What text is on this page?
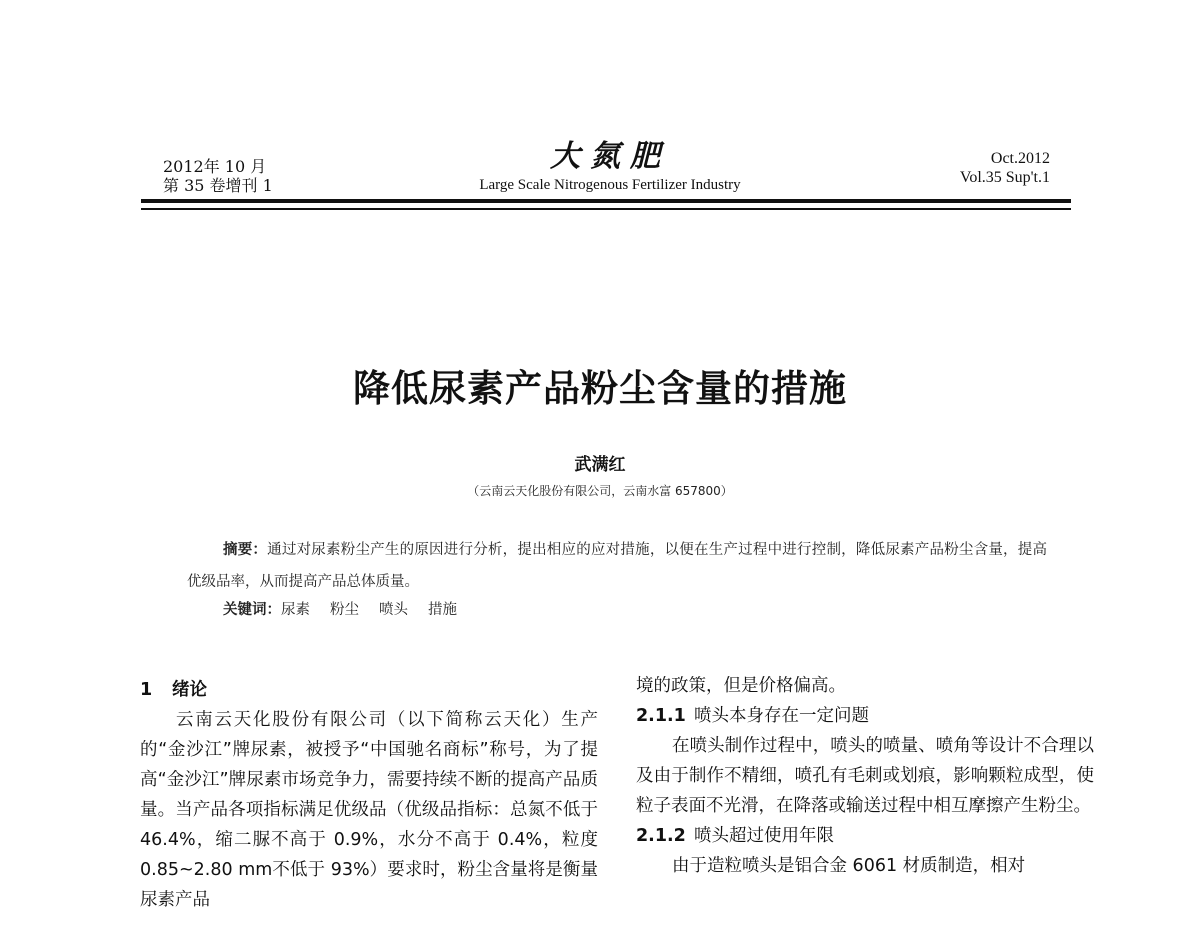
2012年 10 月
第 35 卷增刊 1
大氮肥
Large Scale Nitrogenous Fertilizer Industry
Oct.2012
Vol.35 Sup't.1
降低尿素产品粉尘含量的措施
武满红
（云南云天化股份有限公司，云南水富 657800）
摘要：通过对尿素粉尘产生的原因进行分析，提出相应的应对措施，以便在生产过程中进行控制，降低尿素产品粉尘含量，提高优级品率，从而提高产品总体质量。
关键词：尿素 粉尘 喷头 措施
1 绪论
云南云天化股份有限公司（以下简称云天化）生产的“金沙江”牌尿素，被授予“中国驰名商标”称号，为了提高“金沙江”牌尿素市场竞争力，需要持续不断的提高产品质量。当产品各项指标满足优级品（优级品指标：总氮不低于 46.4%，缩二脲不高于 0.9%，水分不高于 0.4%，粒度0.85~2.80 mm不低于 93%）要求时，粉尘含量将是衡量尿素产品
境的政策，但是价格偏高。
2.1.1 喷头本身存在一定问题
在喷头制作过程中，喷头的喷量、喷角等设计不合理以及由于制作不精细，喷孔有毛刺或划痕，影响颗粒成型，使粒子表面不光滑，在降落或输送过程中相互摩擦产生粉尘。
2.1.2 喷头超过使用年限
由于造粒喷头是铝合金 6061 材质制造，相对
